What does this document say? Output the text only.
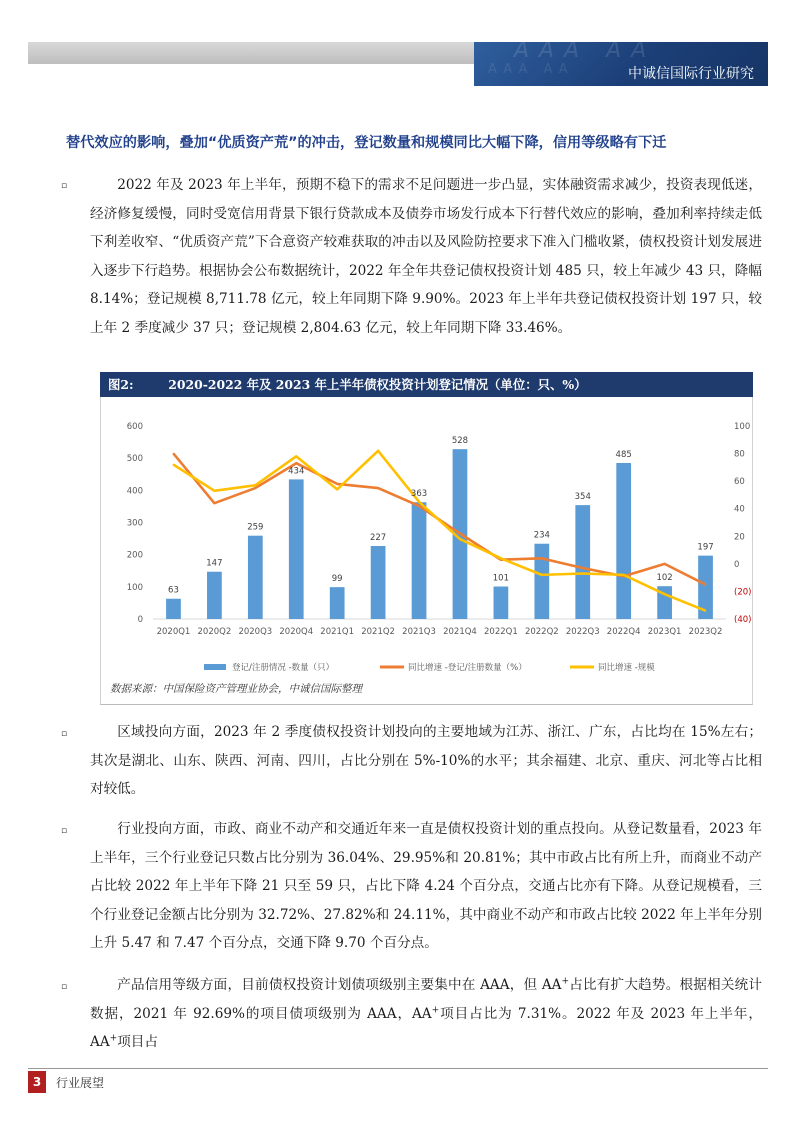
AAA AA
AAA AA	中诚信国际行业研究
替代效应的影响，叠加“优质资产荒”的冲击，登记数量和规模同比大幅下降，信用等级略有下迁
▫	2022 年及 2023 年上半年，预期不稳下的需求不足问题进一步凸显，实体融资需求减少，投资表现低迷，经济修复缓慢，同时受宽信用背景下银行贷款成本及债券市场发行成本下行替代效应的影响，叠加利率持续走低下利差收窄、“优质资产荒”下合意资产较难获取的冲击以及风险防控要求下准入门槛收紧，债权投资计划发展进入逐步下行趋势。根据协会公布数据统计，2022 年全年共登记债权投资计划 485 只，较上年减少 43 只，降幅 8.14%；登记规模 8,711.78 亿元，较上年同期下降 9.90%。2023 年上半年共登记债权投资计划 197 只，较上年 2 季度减少 37 只；登记规模 2,804.63 亿元，较上年同期下降 33.46%。

图2:	2020-2022 年及 2023 年上半年债权投资计划登记情况（单位：只、%）
0
100
200
300
400
500
600
(40)
(20)
0
20
40
60
80
100
63
147
259
434
99
227
363
528
101
234
354
485
102
197
2020Q1 2020Q2 2020Q3 2020Q4 2021Q1 2021Q2 2021Q3 2021Q4 2022Q1 2022Q2 2022Q3 2022Q4 2023Q1 2023Q2
登记/注册情况 -数量（只）	同比增速 -登记/注册数量（%）	同比增速 -规模
数据来源：中国保险资产管理业协会，中诚信国际整理
▫	区域投向方面，2023 年 2 季度债权投资计划投向的主要地域为江苏、浙江、广东，占比均在 15%左右；其次是湖北、山东、陕西、河南、四川，占比分别在 5%-10%的水平；其余福建、北京、重庆、河北等占比相对较低。

▫	行业投向方面，市政、商业不动产和交通近年来一直是债权投资计划的重点投向。从登记数量看，2023 年上半年，三个行业登记只数占比分别为 36.04%、29.95%和 20.81%；其中市政占比有所上升，而商业不动产占比较 2022 年上半年下降 21 只至 59 只，占比下降 4.24 个百分点，交通占比亦有下降。从登记规模看，三个行业登记金额占比分别为 32.72%、27.82%和 24.11%，其中商业不动产和市政占比较 2022 年上半年分别上升 5.47 和 7.47 个百分点，交通下降 9.70 个百分点。

▫	产品信用等级方面，目前债权投资计划债项级别主要集中在 AAA，但 AA+占比有扩大趋势。根据相关统计数据，2021 年 92.69%的项目债项级别为 AAA，AA+项目占比为 7.31%。2022 年及 2023 年上半年，AA+项目占

3	行业展望
